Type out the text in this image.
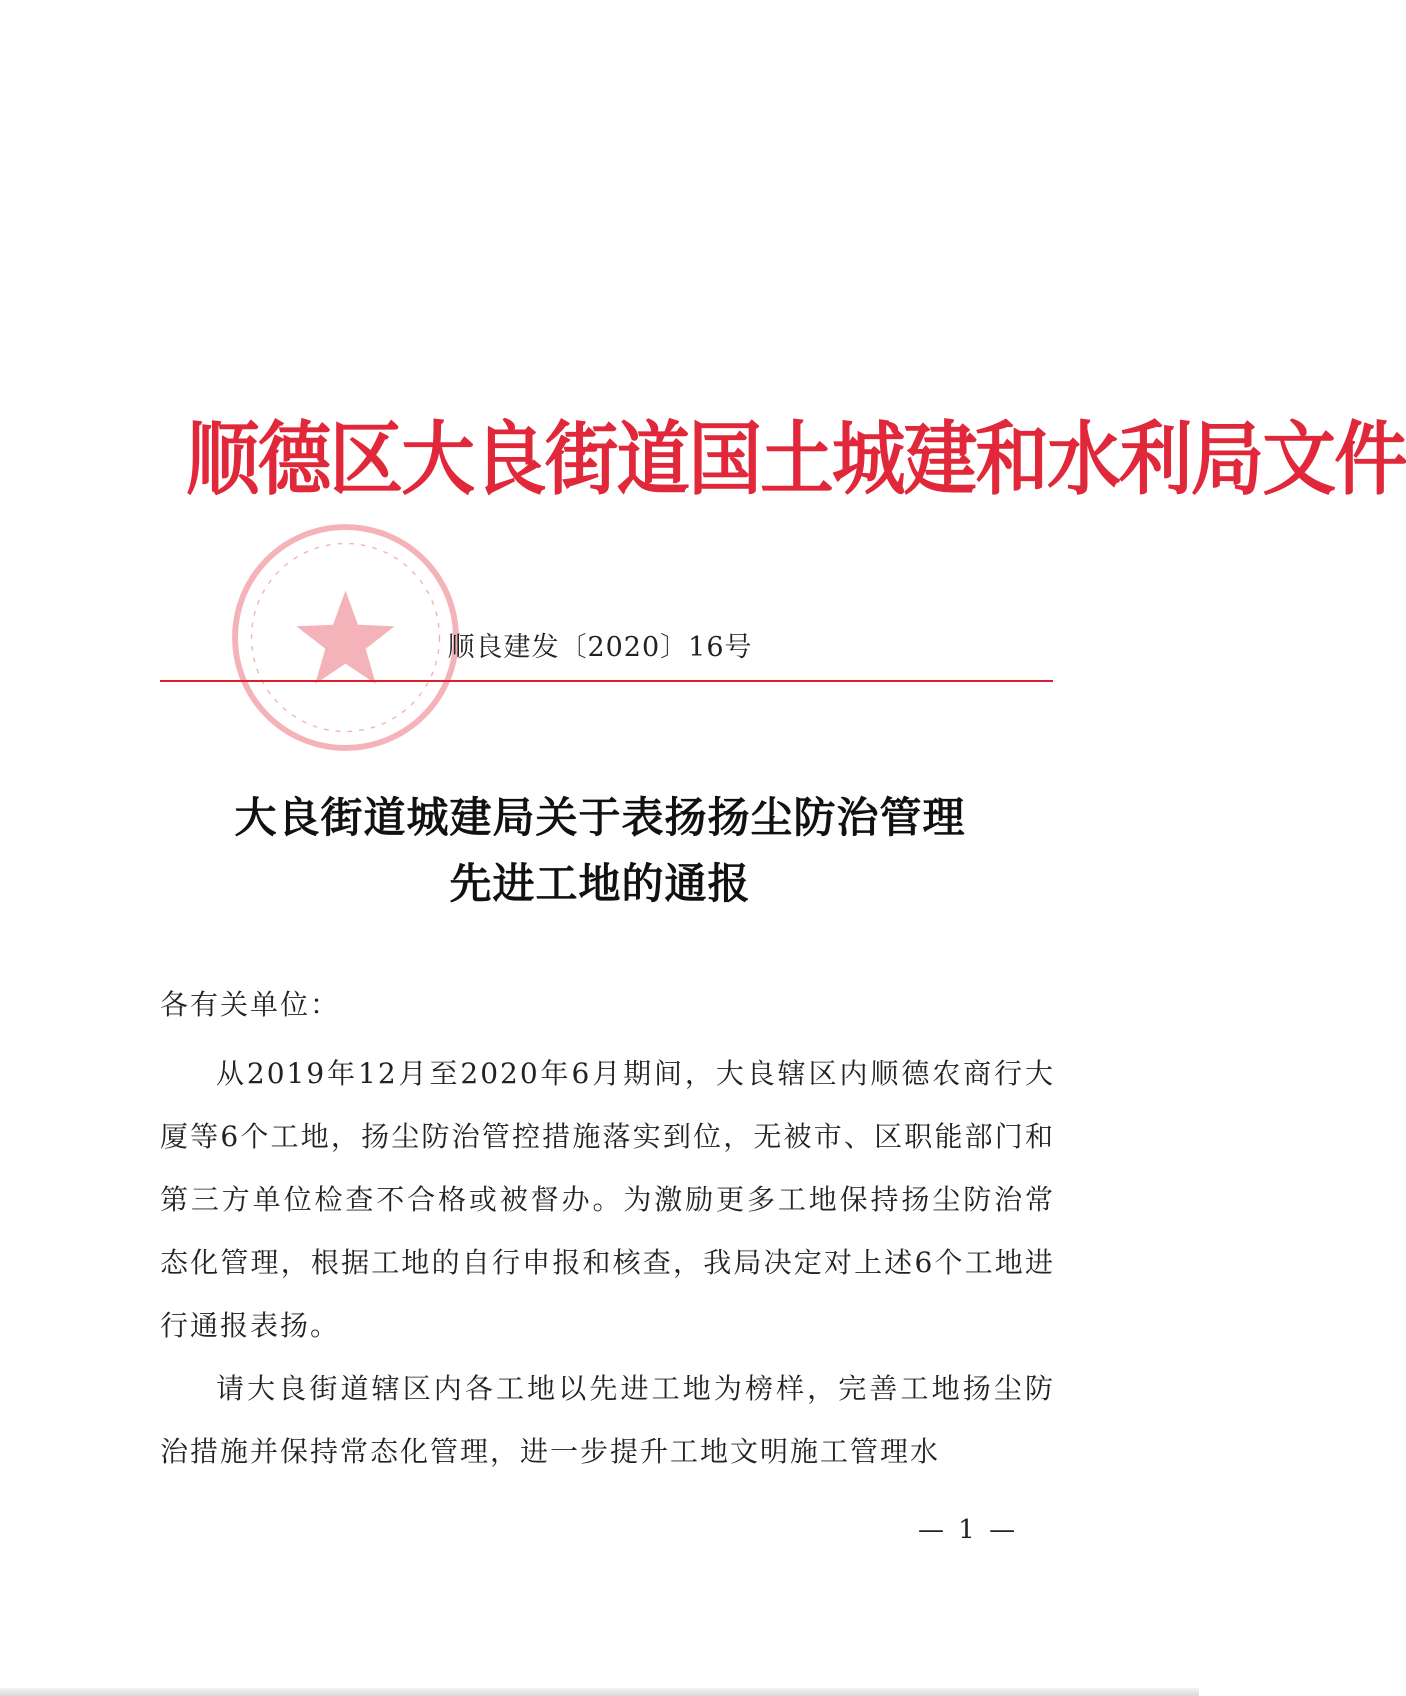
顺德区大良街道国土城建和水利局文件
顺良建发〔2020〕16号
大良街道城建局关于表扬扬尘防治管理
先进工地的通报
各有关单位：

从2019年12月至2020年6月期间，大良辖区内顺德农商行大厦等6个工地，扬尘防治管控措施落实到位，无被市、区职能部门和第三方单位检查不合格或被督办。为激励更多工地保持扬尘防治常态化管理，根据工地的自行申报和核查，我局决定对上述6个工地进行通报表扬。

请大良街道辖区内各工地以先进工地为榜样，完善工地扬尘防治措施并保持常态化管理，进一步提升工地文明施工管理水

— 1 —
